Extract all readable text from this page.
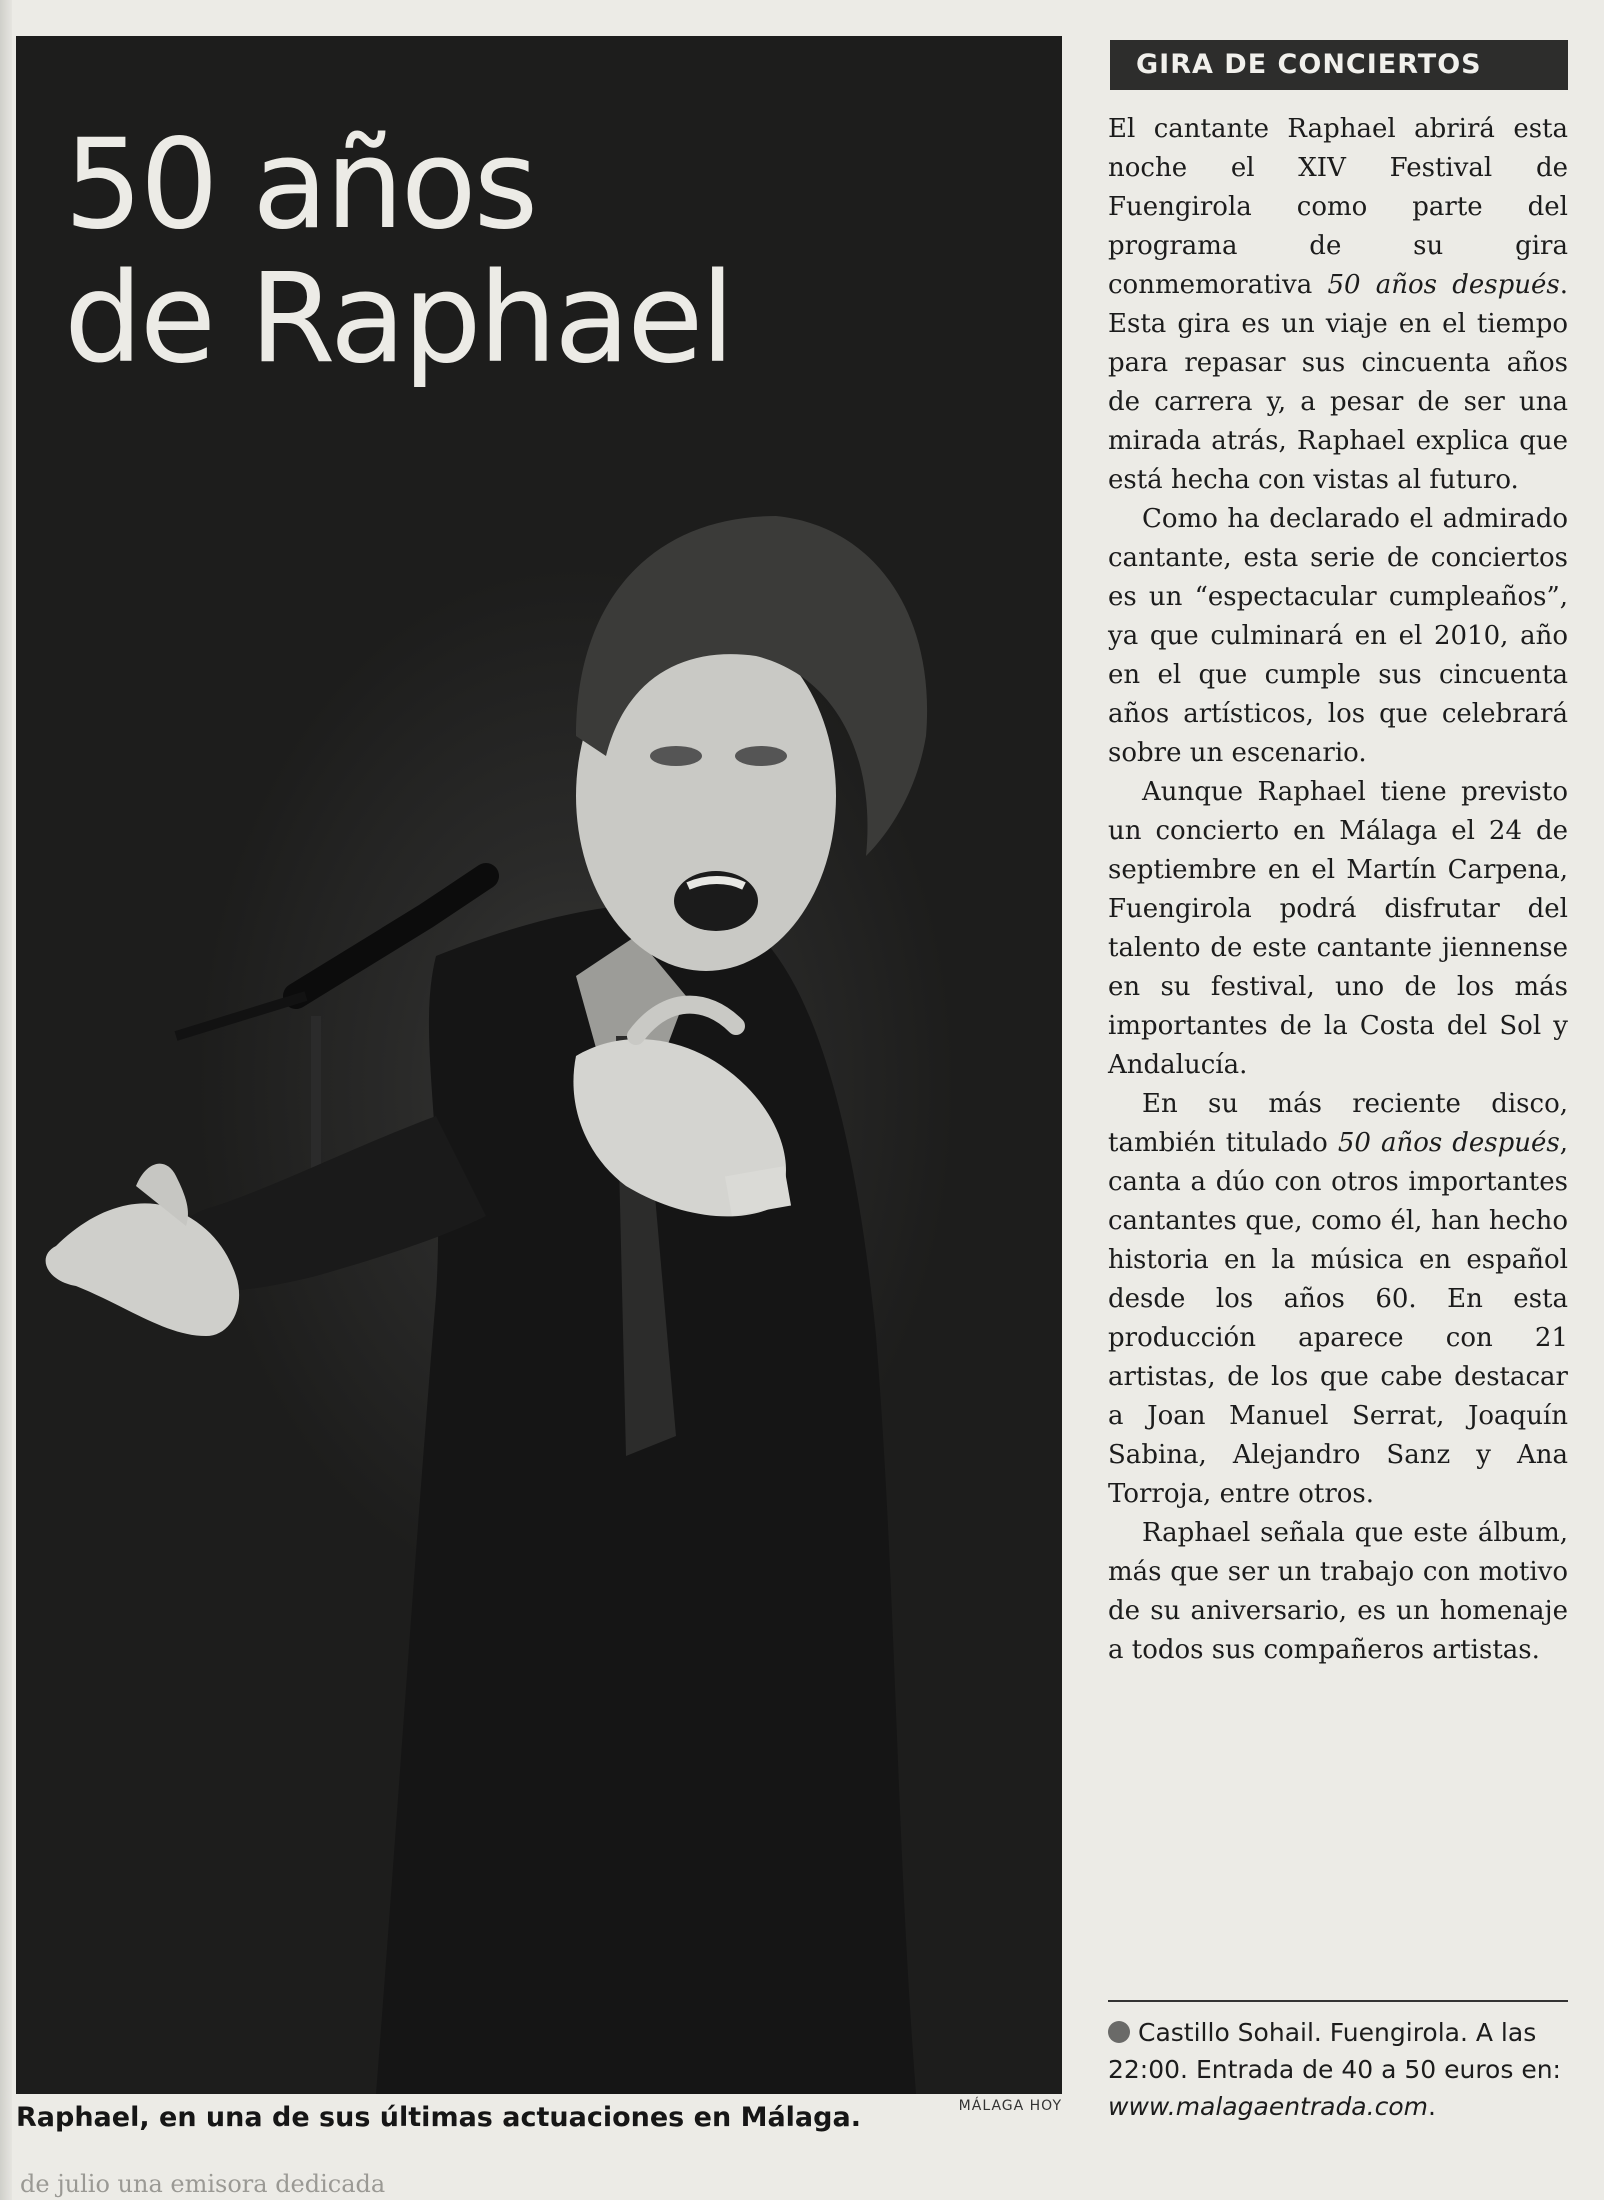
50 años
de Raphael
Raphael, en una de sus últimas actuaciones en Málaga.	MÁLAGA HOY
de julio una emisora dedicada
GIRA DE CONCIERTOS

El cantante Raphael abrirá esta noche el XIV Festival de Fuengirola como parte del programa de su gira conmemorativa 50 años después. Esta gira es un viaje en el tiempo para repasar sus cincuenta años de carrera y, a pesar de ser una mirada atrás, Raphael explica que está hecha con vistas al futuro.

Como ha declarado el admirado cantante, esta serie de conciertos es un “espectacular cumpleaños”, ya que culminará en el 2010, año en el que cumple sus cincuenta años artísticos, los que celebrará sobre un escenario.

Aunque Raphael tiene previsto un concierto en Málaga el 24 de septiembre en el Martín Carpena, Fuengirola podrá disfrutar del talento de este cantante jiennense en su festival, uno de los más importantes de la Costa del Sol y Andalucía.

En su más reciente disco, también titulado 50 años después, canta a dúo con otros importantes cantantes que, como él, han hecho historia en la música en español desde los años 60. En esta producción aparece con 21 artistas, de los que cabe destacar a Joan Manuel Serrat, Joaquín Sabina, Alejandro Sanz y Ana Torroja, entre otros.

Raphael señala que este álbum, más que ser un trabajo con motivo de su aniversario, es un homenaje a todos sus compañeros artistas.

Castillo Sohail. Fuengirola. A las 22:00. Entrada de 40 a 50 euros en: www.malagaentrada.com.
